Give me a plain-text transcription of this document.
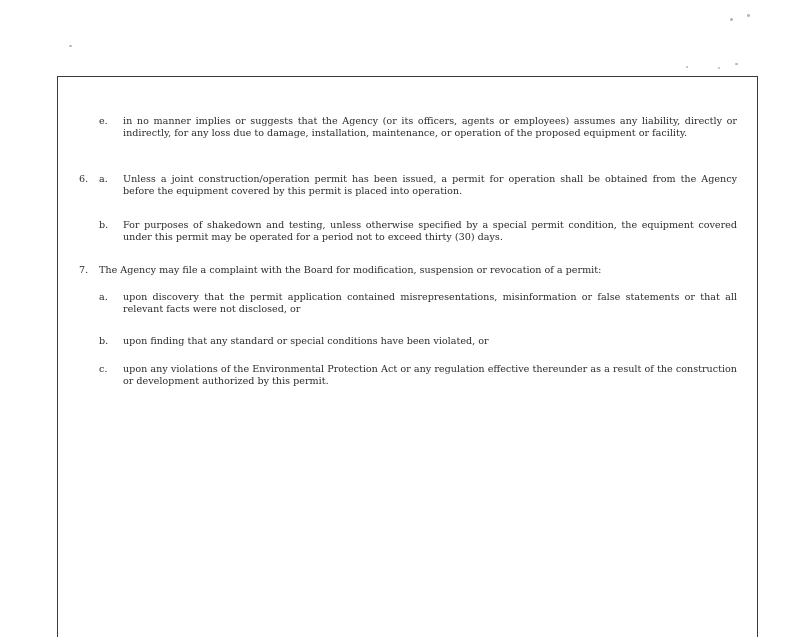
e. in no manner implies or suggests that the Agency (or its officers, agents or employees) assumes any liability, directly or indirectly, for any loss due to damage, installation, maintenance, or operation of the proposed equipment or facility.
6. a. Unless a joint construction/operation permit has been issued, a permit for operation shall be obtained from the Agency before the equipment covered by this permit is placed into operation.
b. For purposes of shakedown and testing, unless otherwise specified by a special permit condition, the equipment covered under this permit may be operated for a period not to exceed thirty (30) days.
7. The Agency may file a complaint with the Board for modification, suspension or revocation of a permit:
a. upon discovery that the permit application contained misrepresentations, misinformation or false statements or that all relevant facts were not disclosed, or
b. upon finding that any standard or special conditions have been violated, or
c. upon any violations of the Environmental Protection Act or any regulation effective thereunder as a result of the construction or development authorized by this permit.
